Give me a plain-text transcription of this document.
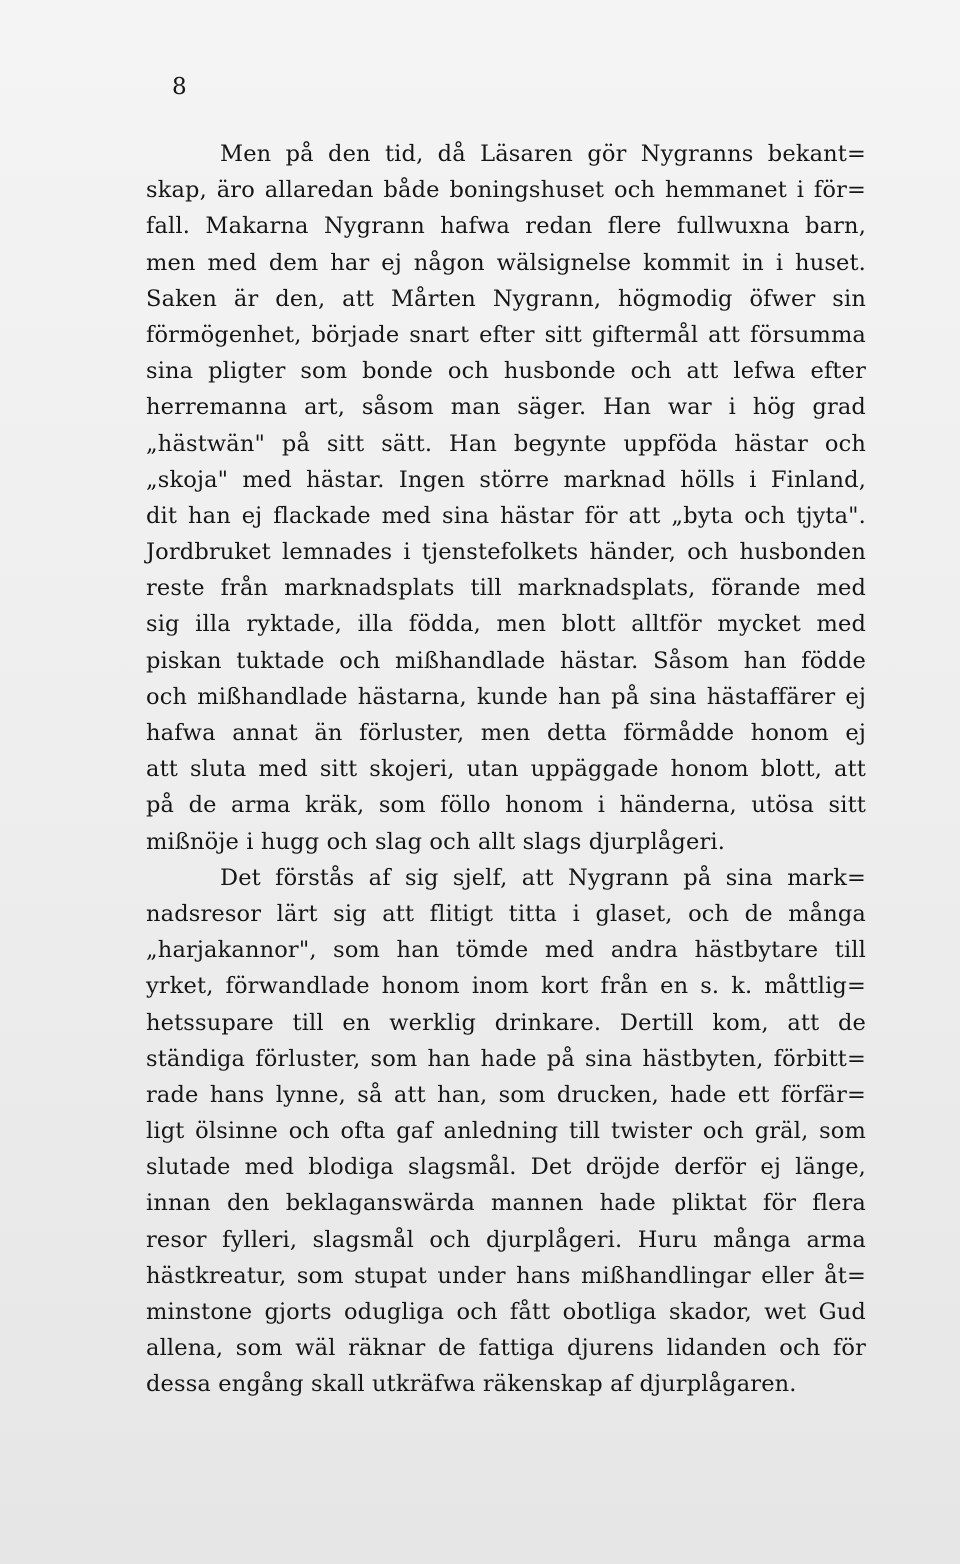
8
Men på den tid, då Läsaren gör Nygranns bekant=
skap, äro allaredan både boningshuset och hemmanet i för=
fall. Makarna Nygrann hafwa redan flere fullwuxna barn,
men med dem har ej någon wälsignelse kommit in i huset.
Saken är den, att Mårten Nygrann, högmodig öfwer sin
förmögenhet, började snart efter sitt giftermål att försumma
sina pligter som bonde och husbonde och att lefwa efter
herremanna art, såsom man säger. Han war i hög grad
„hästwän" på sitt sätt. Han begynte uppföda hästar och
„skoja" med hästar. Ingen större marknad hölls i Finland,
dit han ej flackade med sina hästar för att „byta och tjyta".
Jordbruket lemnades i tjenstefolkets händer, och husbonden
reste från marknadsplats till marknadsplats, förande med
sig illa ryktade, illa födda, men blott alltför mycket med
piskan tuktade och mißhandlade hästar. Såsom han födde
och mißhandlade hästarna, kunde han på sina hästaffärer ej
hafwa annat än förluster, men detta förmådde honom ej
att sluta med sitt skojeri, utan uppäggade honom blott, att
på de arma kräk, som föllo honom i händerna, utösa sitt
mißnöje i hugg och slag och allt slags djurplågeri.
Det förstås af sig sjelf, att Nygrann på sina mark=
nadsresor lärt sig att flitigt titta i glaset, och de många
„harjakannor", som han tömde med andra hästbytare till
yrket, förwandlade honom inom kort från en s. k. måttlig=
hetssupare till en werklig drinkare. Dertill kom, att de
ständiga förluster, som han hade på sina hästbyten, förbitt=
rade hans lynne, så att han, som drucken, hade ett förfär=
ligt ölsinne och ofta gaf anledning till twister och gräl, som
slutade med blodiga slagsmål. Det dröjde derför ej länge,
innan den beklaganswärda mannen hade pliktat för flera
resor fylleri, slagsmål och djurplågeri. Huru många arma
hästkreatur, som stupat under hans mißhandlingar eller åt=
minstone gjorts odugliga och fått obotliga skador, wet Gud
allena, som wäl räknar de fattiga djurens lidanden och för
dessa engång skall utkräfwa räkenskap af djurplågaren.
